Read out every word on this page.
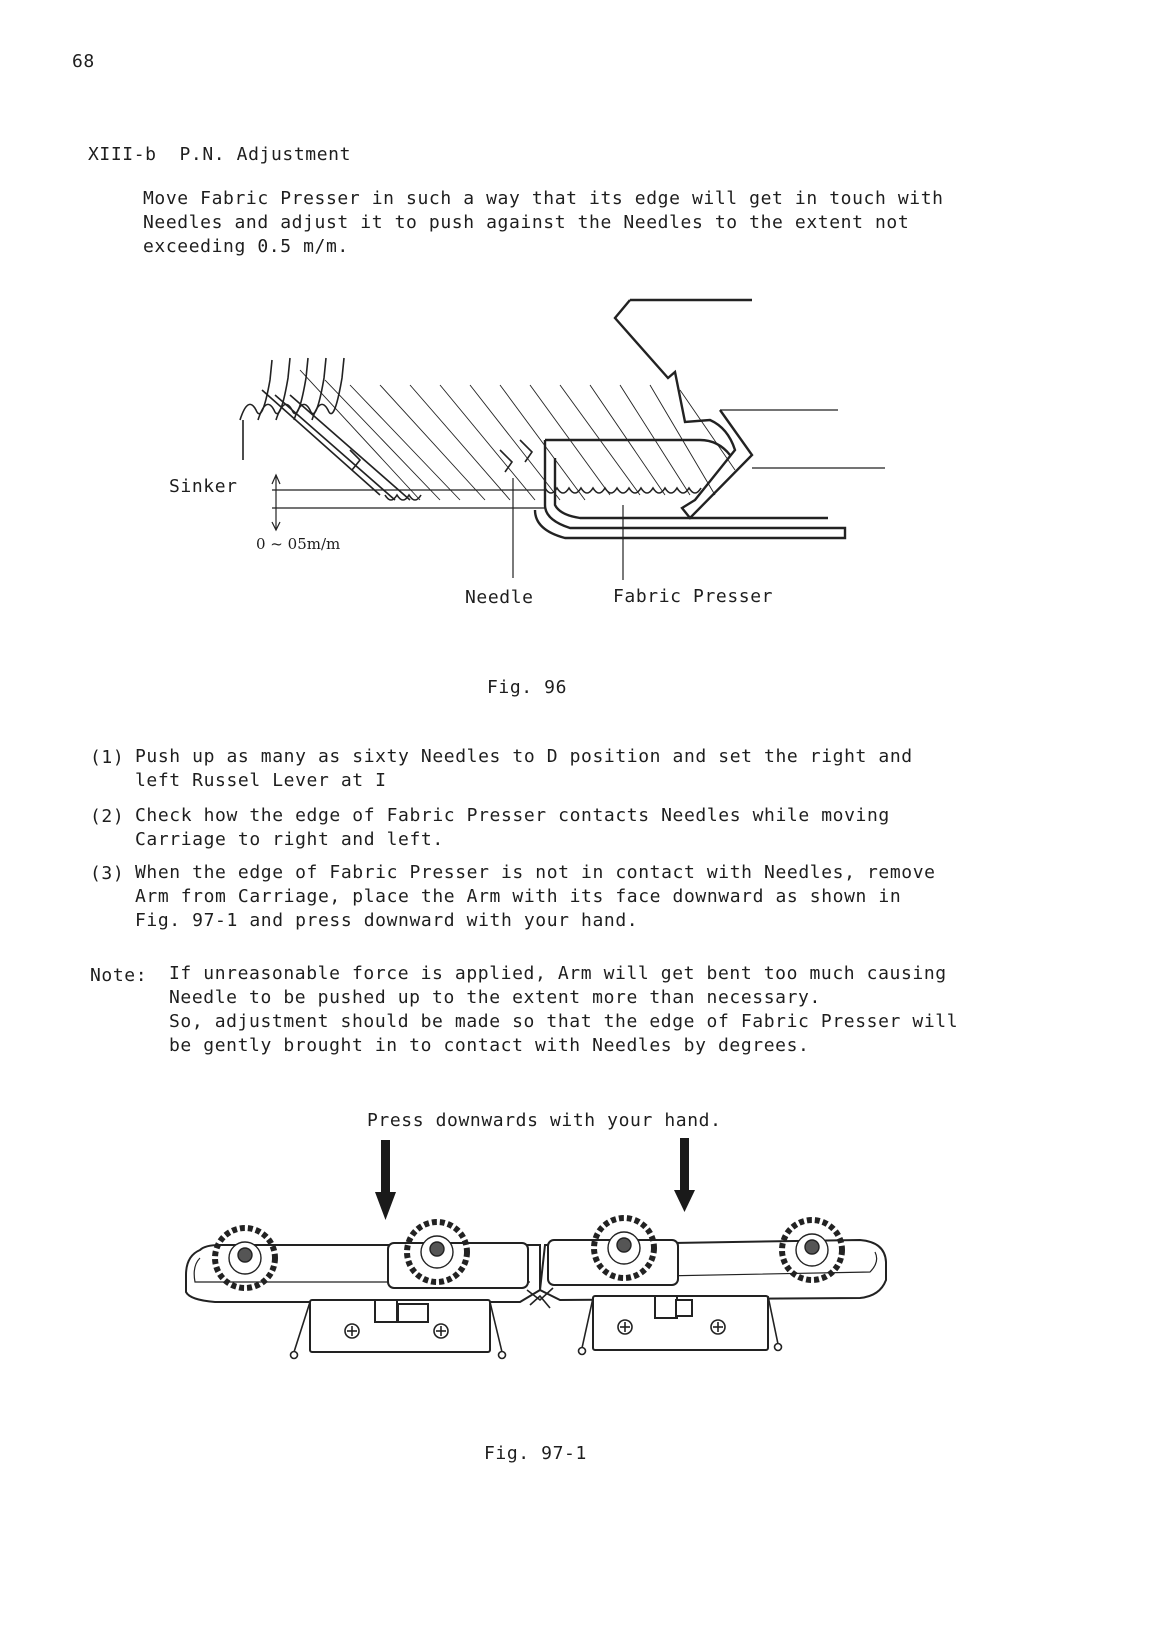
68
XIII-b  P.N. Adjustment
Move Fabric Presser in such a way that its edge will get in touch with
Needles and adjust it to push against the Needles to the extent not
exceeding 0.5 m/m.
Sinker
0 ~ 05m/m
Needle	Fabric Presser
Fig. 96
(1) Push up as many as sixty Needles to D position and set the right and
left Russel Lever at I
(2) Check how the edge of Fabric Presser contacts Needles while moving
Carriage to right and left.
(3) When the edge of Fabric Presser is not in contact with Needles, remove
Arm from Carriage, place the Arm with its face downward as shown in
Fig. 97-1 and press downward with your hand.
Note: If unreasonable force is applied, Arm will get bent too much causing
Needle to be pushed up to the extent more than necessary.
So, adjustment should be made so that the edge of Fabric Presser will
be gently brought in to contact with Needles by degrees.
Press downwards with your hand.
Fig. 97-1
